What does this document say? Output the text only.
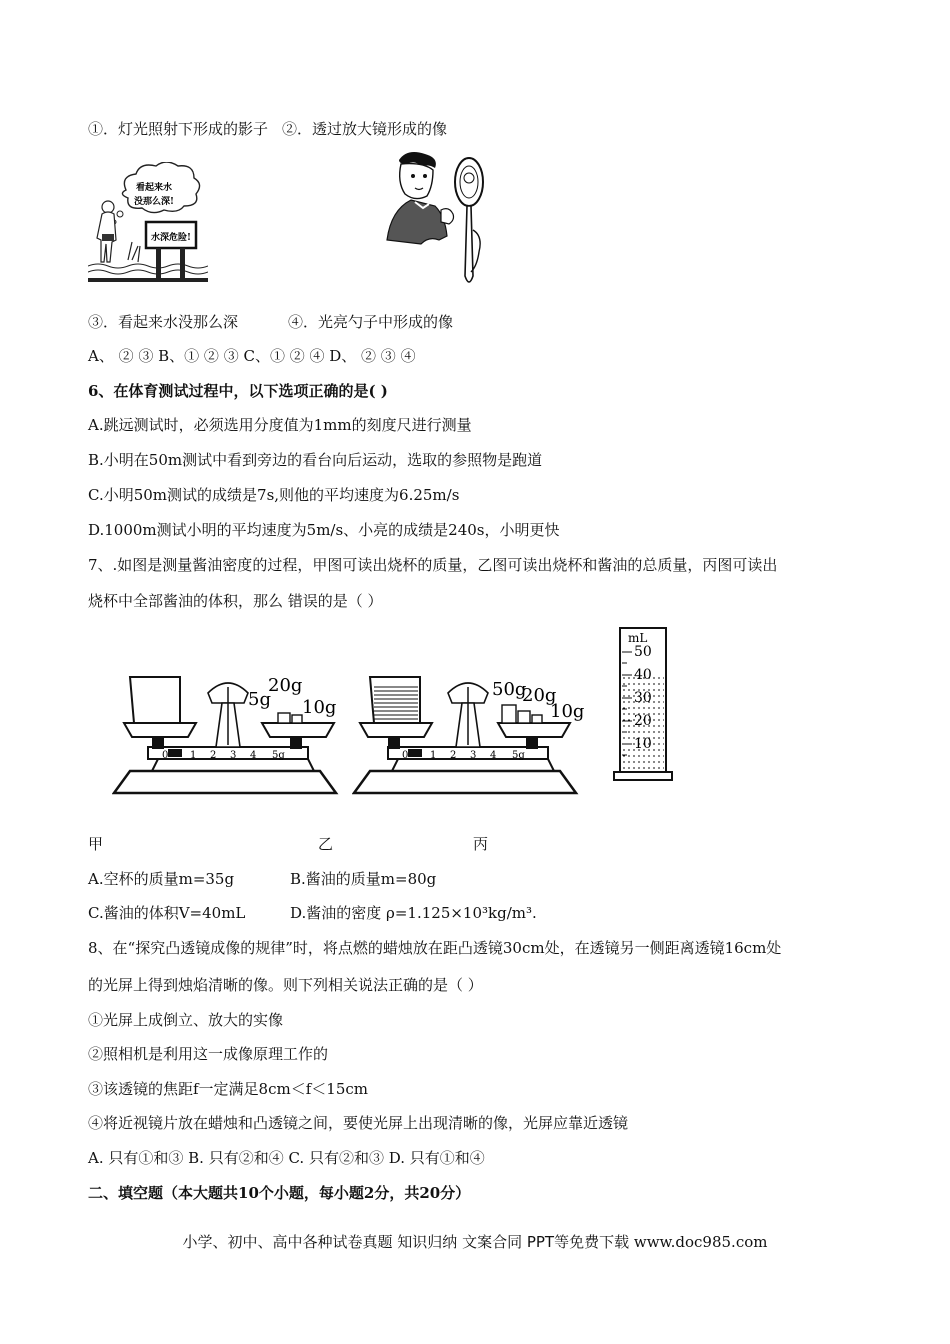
①．灯光照射下形成的影子 ②．透过放大镜形成的像
看起来水
没那么深!
水深危险!
③．看起来水没那么深	④．光亮勺子中形成的像
A、 ② ③ B、① ② ③ C、① ② ④ D、 ② ③ ④
6、在体育测试过程中，以下选项正确的是( )
A.跳远测试时，必须选用分度值为1mm的刻度尺进行测量
B.小明在50m测试中看到旁边的看台向后运动，选取的参照物是跑道
C.小明50m测试的成绩是7s,则他的平均速度为6.25m/s
D.1000m测试小明的平均速度为5m/s、小亮的成绩是240s，小明更快
7、.如图是测量酱油密度的过程，甲图可读出烧杯的质量，乙图可读出烧杯和酱油的总质量，丙图可读出
烧杯中全部酱油的体积，那么 错误的是（ ）
0 1 2 3 4 5g
5g
20g
10g
0 1 2 3 4 5g
50g
20g
10g
mL
50
40
30
20
10
甲	乙	丙
A.空杯的质量m=35g	B.酱油的质量m=80g
C.酱油的体积V=40mL	D.酱油的密度 ρ=1.125×10³kg/m³.
8、在“探究凸透镜成像的规律”时，将点燃的蜡烛放在距凸透镜30cm处，在透镜另一侧距离透镜16cm处
的光屏上得到烛焰清晰的像。则下列相关说法正确的是（ ）
①光屏上成倒立、放大的实像
②照相机是利用这一成像原理工作的
③该透镜的焦距f一定满足8cm＜f＜15cm
④将近视镜片放在蜡烛和凸透镜之间，要使光屏上出现清晰的像，光屏应靠近透镜
A. 只有①和③ B. 只有②和④ C. 只有②和③ D. 只有①和④
二、填空题（本大题共10个小题，每小题2分，共20分）
小学、初中、高中各种试卷真题 知识归纳 文案合同 PPT等免费下载 www.doc985.com
